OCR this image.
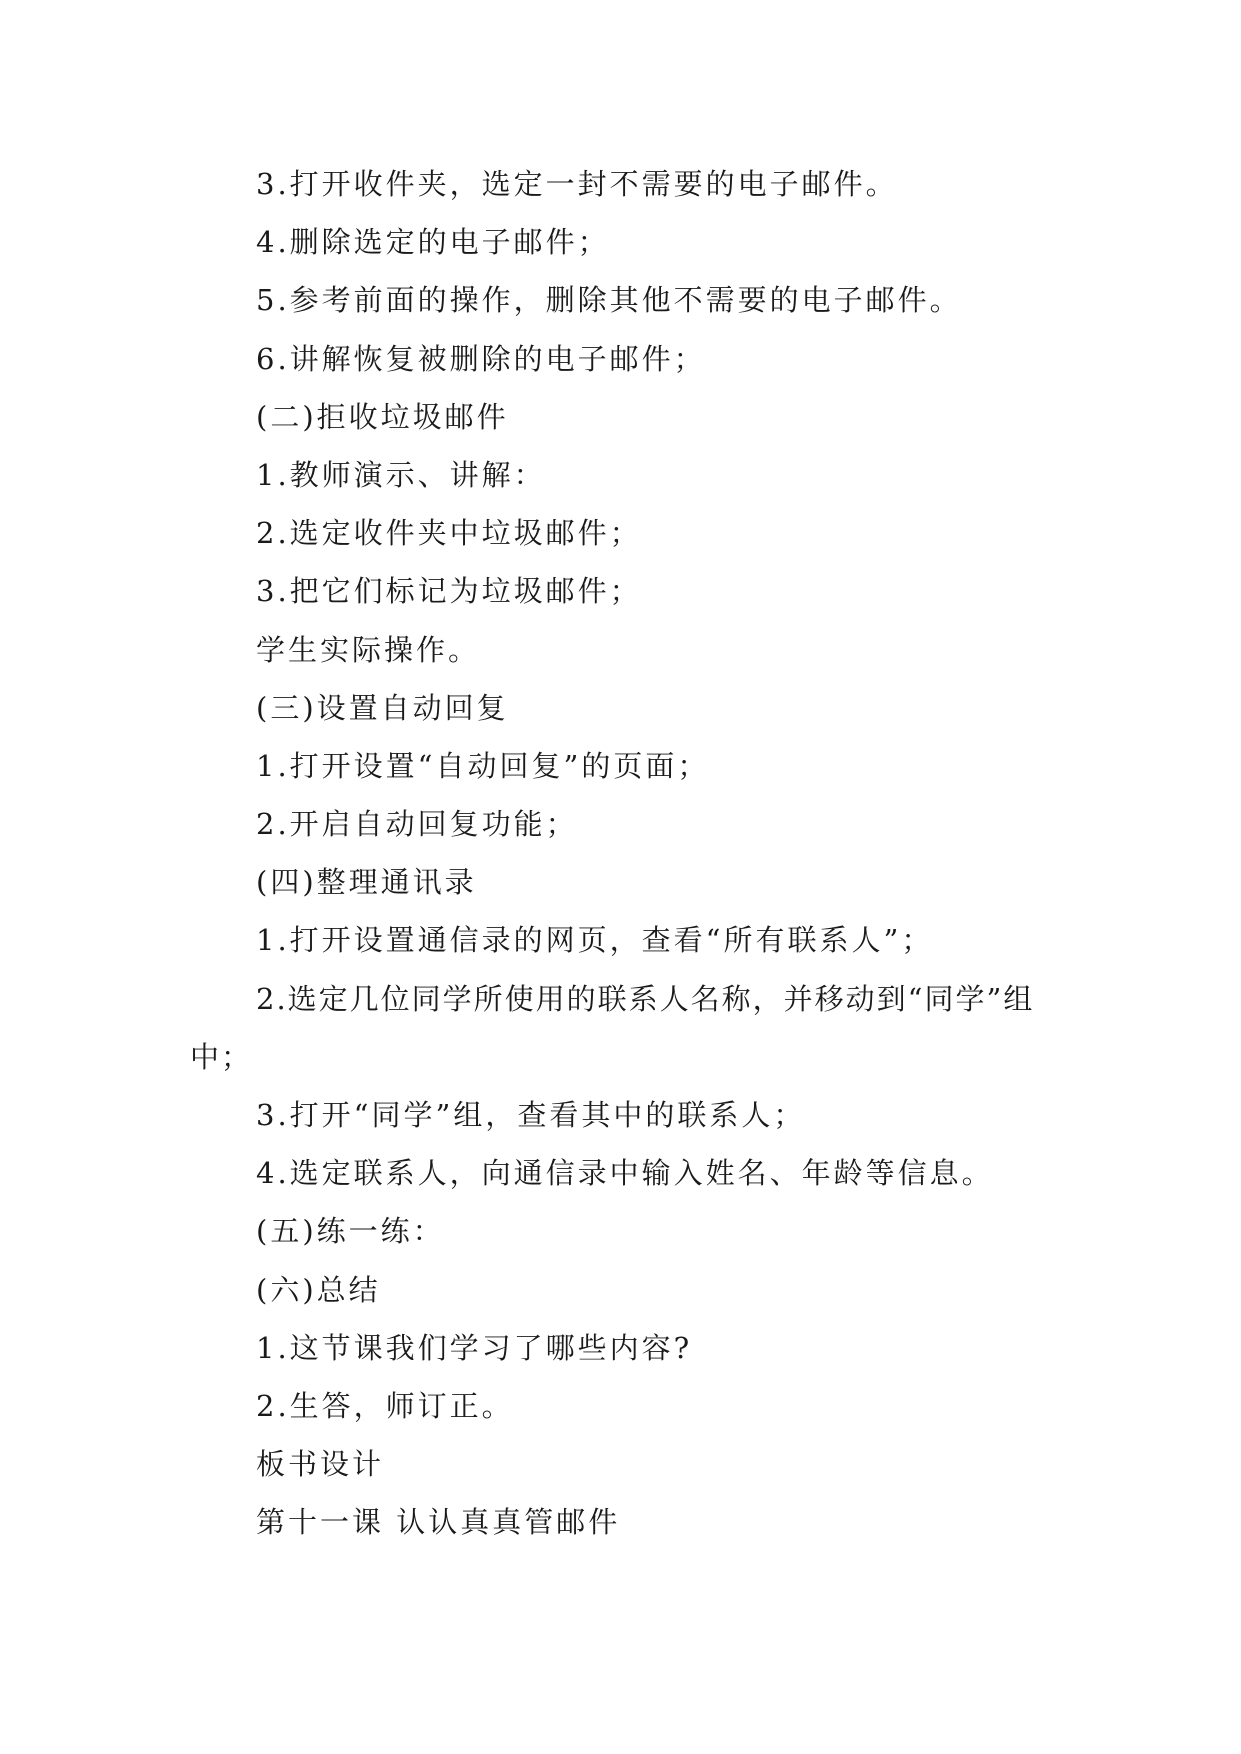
3.打开收件夹，选定一封不需要的电子邮件。
4.删除选定的电子邮件；
5.参考前面的操作，删除其他不需要的电子邮件。
6.讲解恢复被删除的电子邮件；
(二)拒收垃圾邮件
1.教师演示、讲解：
2.选定收件夹中垃圾邮件；
3.把它们标记为垃圾邮件；
学生实际操作。
(三)设置自动回复
1.打开设置“自动回复”的页面；
2.开启自动回复功能；
(四)整理通讯录
1.打开设置通信录的网页，查看“所有联系人”；
2.选定几位同学所使用的联系人名称，并移动到“同学”组中；
3.打开“同学”组，查看其中的联系人；
4.选定联系人，向通信录中输入姓名、年龄等信息。
(五)练一练：
(六)总结
1.这节课我们学习了哪些内容?
2.生答，师订正。
板书设计
第十一课 认认真真管邮件
